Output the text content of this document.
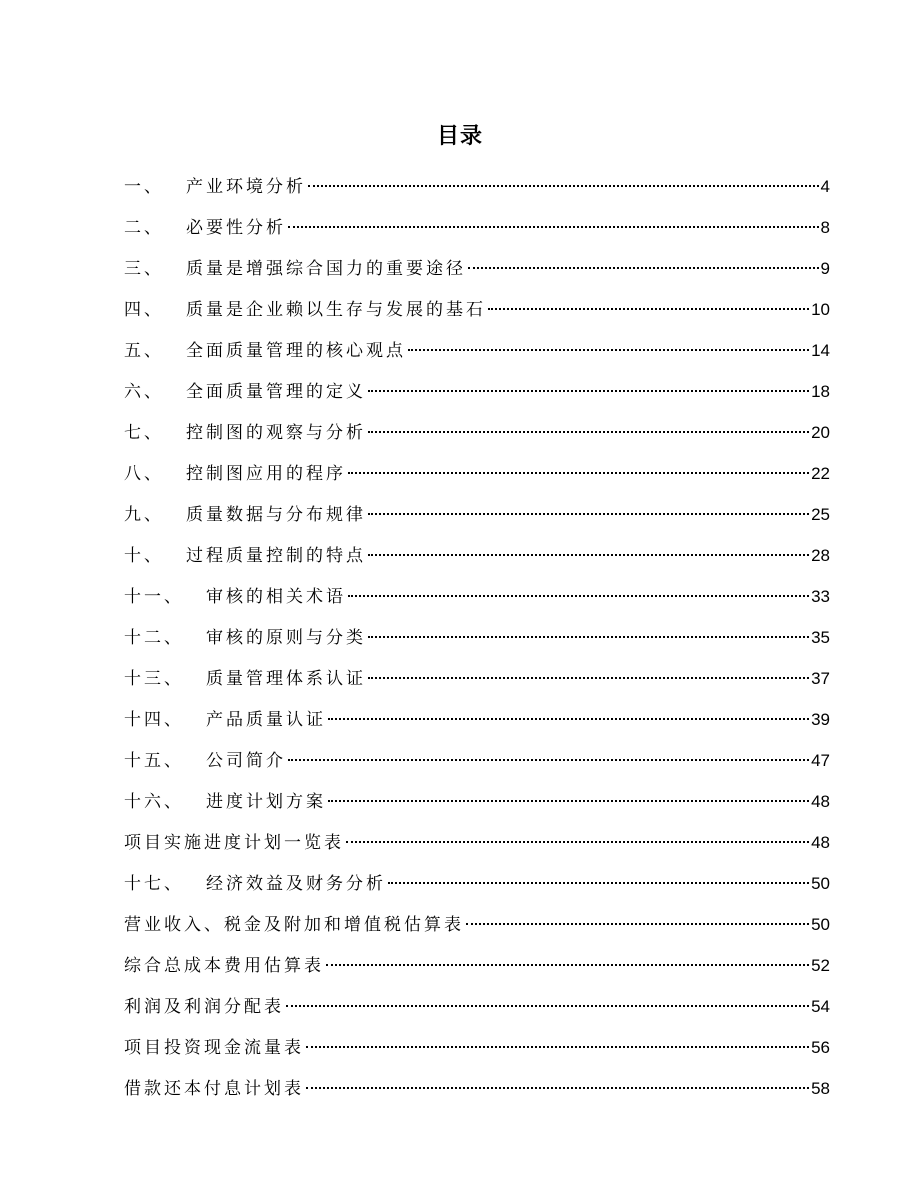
目录
一、 产业环境分析	4
二、 必要性分析	8
三、 质量是增强综合国力的重要途径	9
四、 质量是企业赖以生存与发展的基石	10
五、 全面质量管理的核心观点	14
六、 全面质量管理的定义	18
七、 控制图的观察与分析	20
八、 控制图应用的程序	22
九、 质量数据与分布规律	25
十、 过程质量控制的特点	28
十一、 审核的相关术语	33
十二、 审核的原则与分类	35
十三、 质量管理体系认证	37
十四、 产品质量认证	39
十五、 公司简介	47
十六、 进度计划方案	48
项目实施进度计划一览表	48
十七、 经济效益及财务分析	50
营业收入、税金及附加和增值税估算表	50
综合总成本费用估算表	52
利润及利润分配表	54
项目投资现金流量表	56
借款还本付息计划表	58
